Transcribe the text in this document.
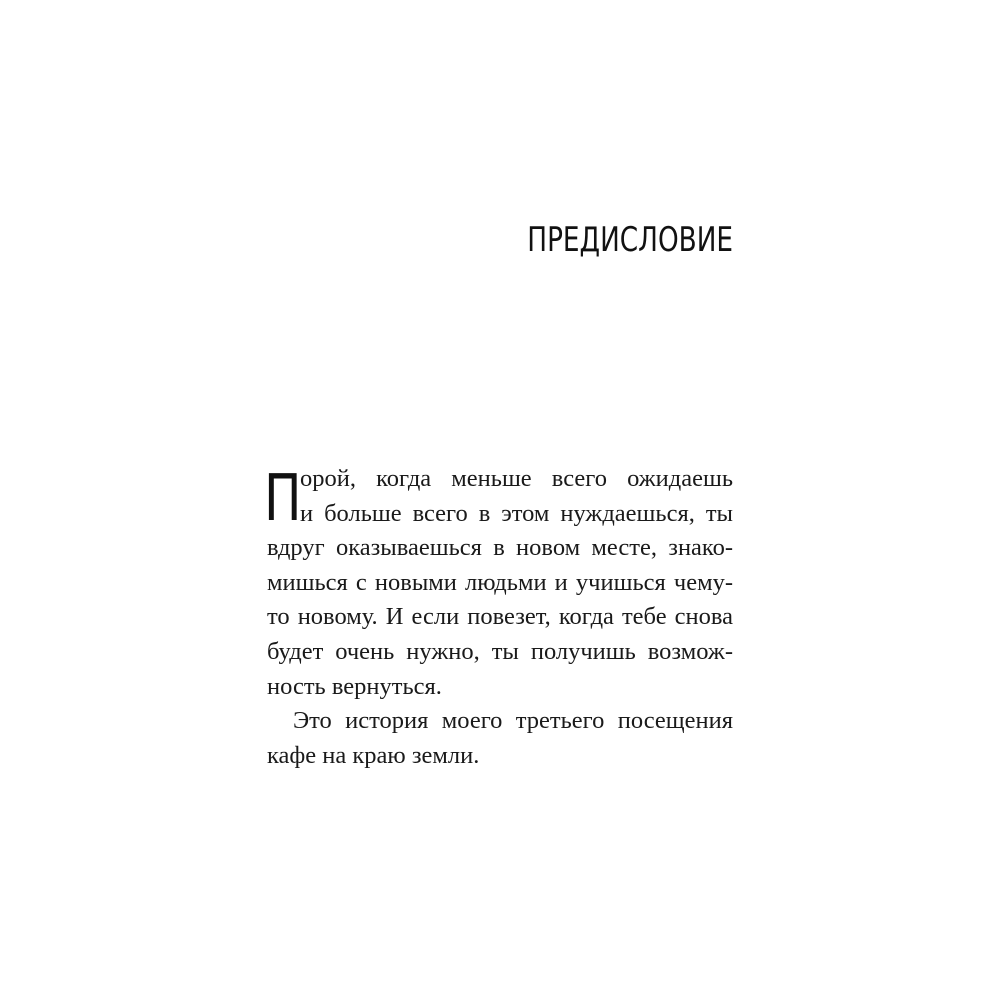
ПРЕДИСЛОВИЕ
П
орой, когда меньше всего ожидаешь
и больше всего в этом нуждаешься, ты
вдруг оказываешься в новом месте, знако-
мишься с новыми людьми и учишься чему-
то новому. И если повезет, когда тебе снова
будет очень нужно, ты получишь возмож-
ность вернуться.
Это история моего третьего посещения
кафе на краю земли.
